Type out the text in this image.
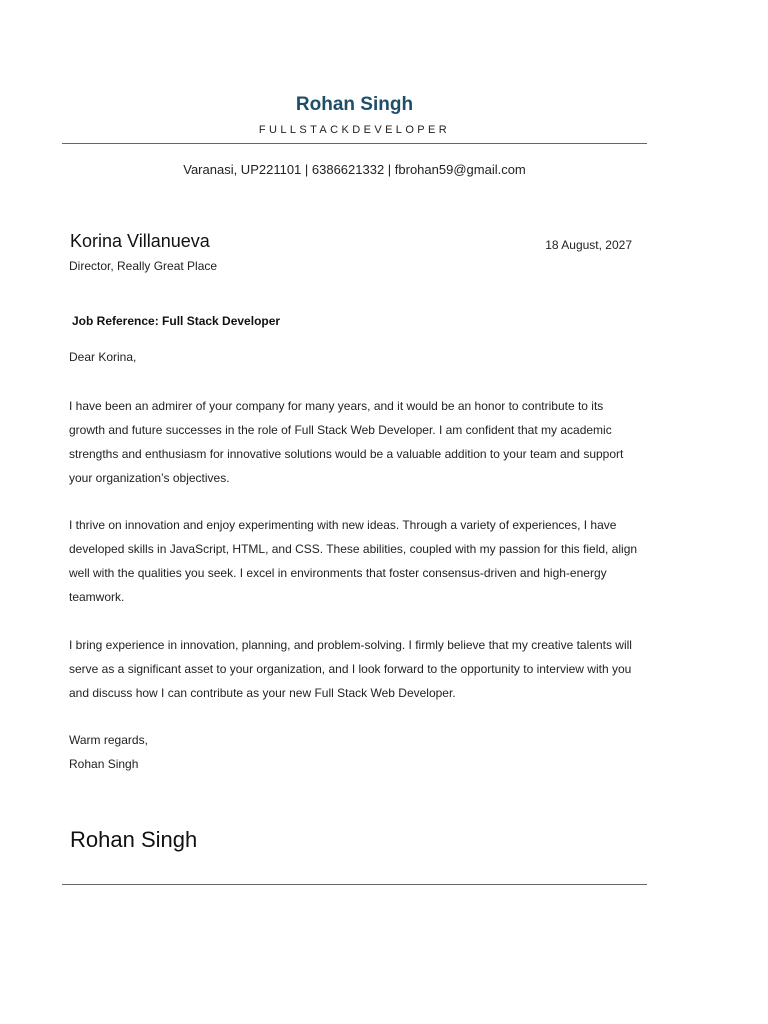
Rohan Singh
FULLSTACKDEVELOPER
Varanasi, UP221101 | 6386621332 | fbrohan59@gmail.com
Korina Villanueva	18 August, 2027
Director, Really Great Place
Job Reference: Full Stack Developer
Dear Korina,

I have been an admirer of your company for many years, and it would be an honor to contribute to its growth and future successes in the role of Full Stack Web Developer. I am confident that my academic strengths and enthusiasm for innovative solutions would be a valuable addition to your team and support your organization’s objectives.

I thrive on innovation and enjoy experimenting with new ideas. Through a variety of experiences, I have developed skills in JavaScript, HTML, and CSS. These abilities, coupled with my passion for this field, align well with the qualities you seek. I excel in environments that foster consensus-driven and high-energy teamwork.

I bring experience in innovation, planning, and problem-solving. I firmly believe that my creative talents will serve as a significant asset to your organization, and I look forward to the opportunity to interview with you and discuss how I can contribute as your new Full Stack Web Developer.

Warm regards,
Rohan Singh
Rohan Singh
